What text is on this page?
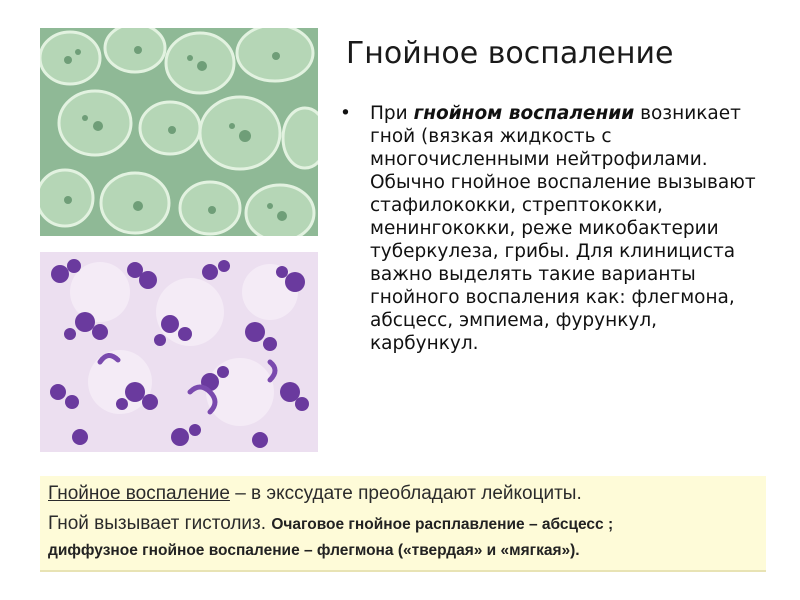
Гнойное воспаление
• При гнойном воспалении возникает гной (вязкая жидкость с многочисленными нейтрофилами. Обычно гнойное воспаление вызывают стафилококки, стрептококки, менингококки, реже микобактерии туберкулеза, грибы. Для клинициста важно выделять такие варианты гнойного воспаления как: флегмона, абсцесс, эмпиема, фурункул, карбункул.
Гнойное воспаление – в экссудате преобладают лейкоциты.
Гной вызывает гистолиз. Очаговое гнойное расплавление – абсцесс ;
диффузное гнойное воспаление – флегмона («твердая» и «мягкая»).
